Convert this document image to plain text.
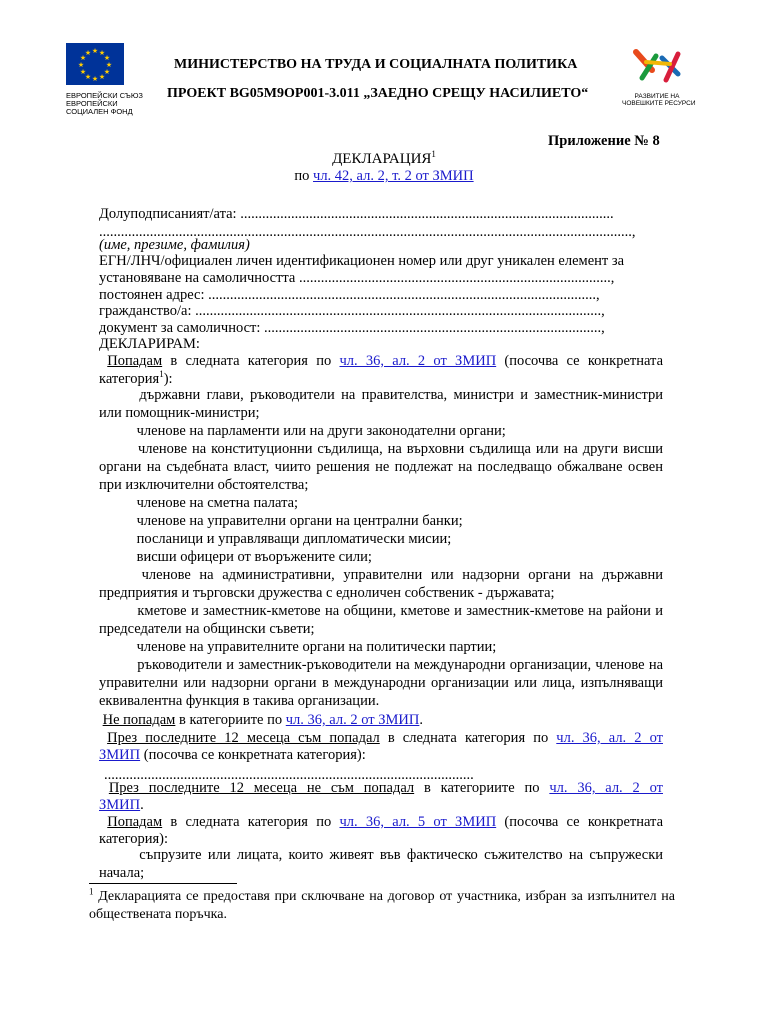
★ ★
★
★
★
★
★
★
★
★
★
★
ЕВРОПЕЙСКИ СЪЮЗ
ЕВРОПЕЙСКИ
СОЦИАЛЕН ФОНД
МИНИСТЕРСТВО НА ТРУДА И СОЦИАЛНАТА ПОЛИТИКА
ПРОЕКТ BG05M9OP001-3.011 „ЗАЕДНО СРЕЩУ НАСИЛИЕТО“	РАЗВИТИЕ НА
ЧОВЕШКИТЕ РЕСУРСИ
Приложение № 8
ДЕКЛАРАЦИЯ$^1$
по чл. 42, ал. 2, т. 2 от ЗМИП
Долуподписаният/ата: .......................................................................................................
...................................................................................................................................................,
(име, презиме, фамилия)
ЕГН/ЛНЧ/официален личен идентификационен номер или друг уникален елемент за
установяване на самоличността ......................................................................................,
постоянен адрес: ...........................................................................................................,
гражданство/а: ................................................................................................................,
документ за самоличност: .............................................................................................,
ДЕКЛАРИРАМ:
Попадам в следната категория по чл. 36, ал. 2 от ЗМИП (посочва се конкретната
категория$^1$):
държавни глави, ръководители на правителства, министри и заместник-министри или помощник-министри;
членове на парламенти или на други законодателни органи;
членове на конституционни съдилища, на върховни съдилища или на други висши органи на съдебната власт, чиито решения не подлежат на последващо обжалване освен при изключителни обстоятелства;
членове на сметна палата;
членове на управителни органи на централни банки;
посланици и управляващи дипломатически мисии;
висши офицери от въоръжените сили;
членове на административни, управителни или надзорни органи на държавни предприятия и търговски дружества с едноличен собственик - държавата;
кметове и заместник-кметове на общини, кметове и заместник-кметове на райони и председатели на общински съвети;
членове на управителните органи на политически партии;
ръководители и заместник-ръководители на международни организации, членове на управителни или надзорни органи в международни организации или лица, изпълняващи еквивалентна функция в такива организации.
Не попадам в категориите по чл. 36, ал. 2 от ЗМИП.
През последните 12 месеца съм попадал в следната категория по чл. 36, ал. 2 от
ЗМИП (посочва се конкретната категория):
......................................................................................................
През последните 12 месеца не съм попадал в категориите по чл. 36, ал. 2 от
ЗМИП.
Попадам в следната категория по чл. 36, ал. 5 от ЗМИП (посочва се конкретната
категория):
съпрузите или лицата, които живеят във фактическо съжителство на съпружески начала;
$^1$ Декларацията се предоставя при сключване на договор от участника, избран за изпълнител на обществената поръчка.
